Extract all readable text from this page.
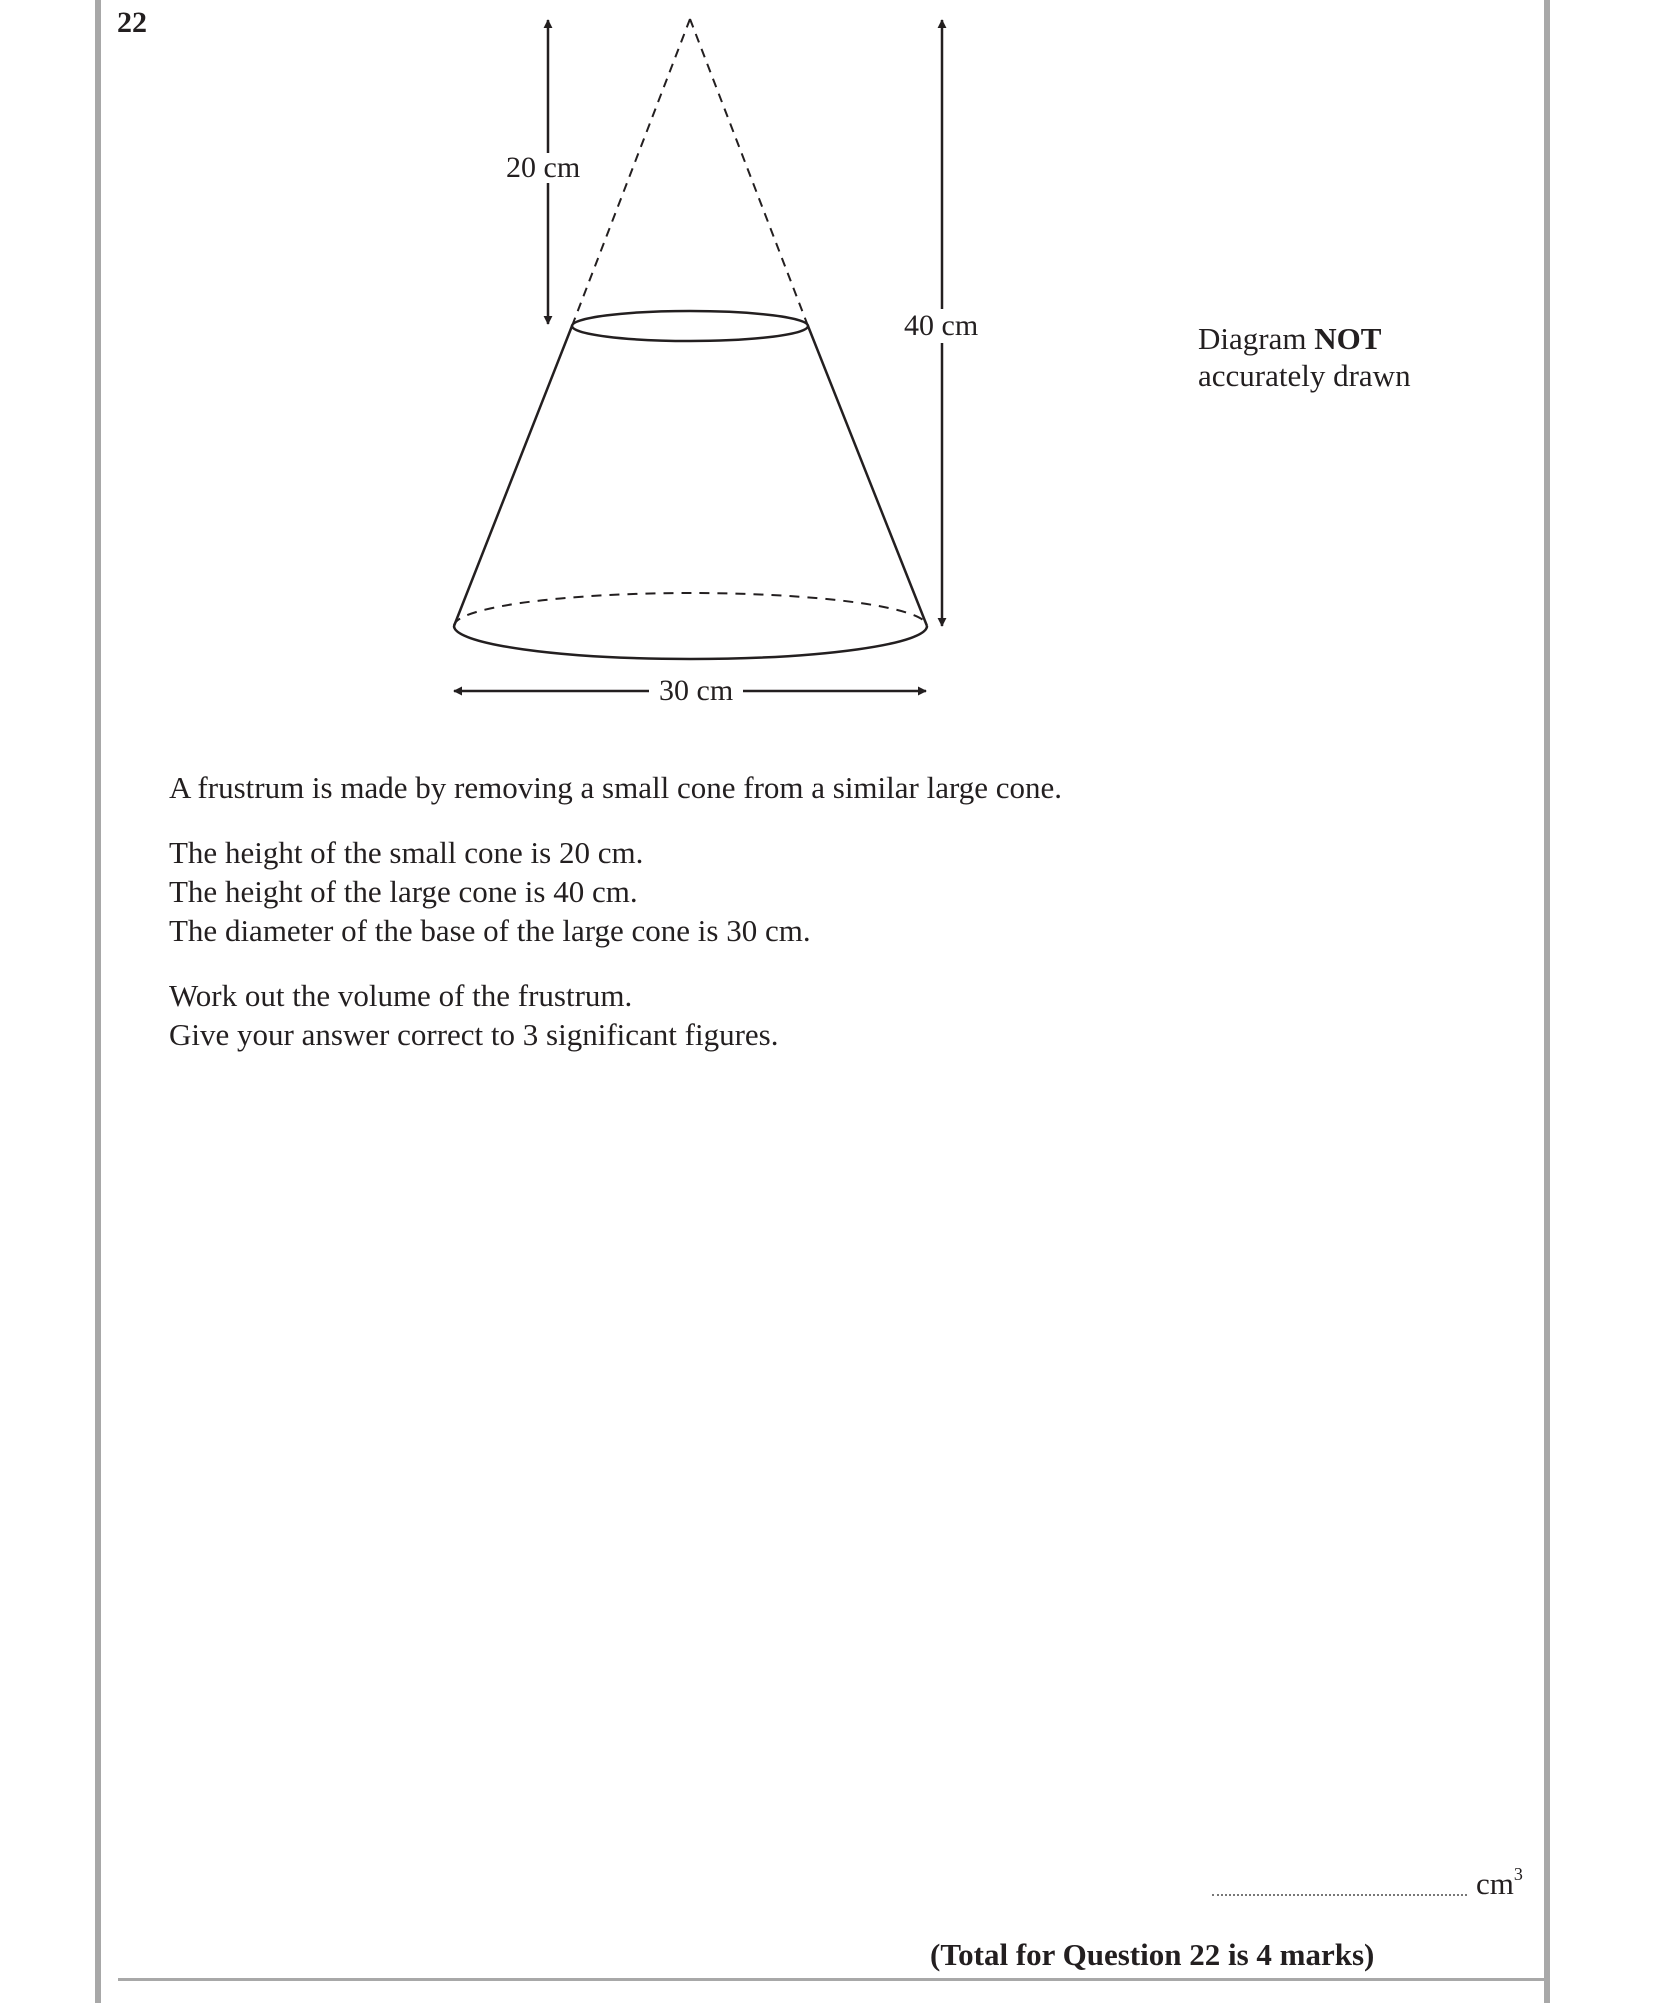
22
20 cm
40 cm
30 cm
Diagram NOT
accurately drawn
A frustrum is made by removing a small cone from a similar large cone.
The height of the small cone is 20 cm.
The height of the large cone is 40 cm.
The diameter of the base of the large cone is 30 cm.
Work out the volume of the frustrum.
Give your answer correct to 3 significant figures.
$cm^3$
(Total for Question 22 is 4 marks)
